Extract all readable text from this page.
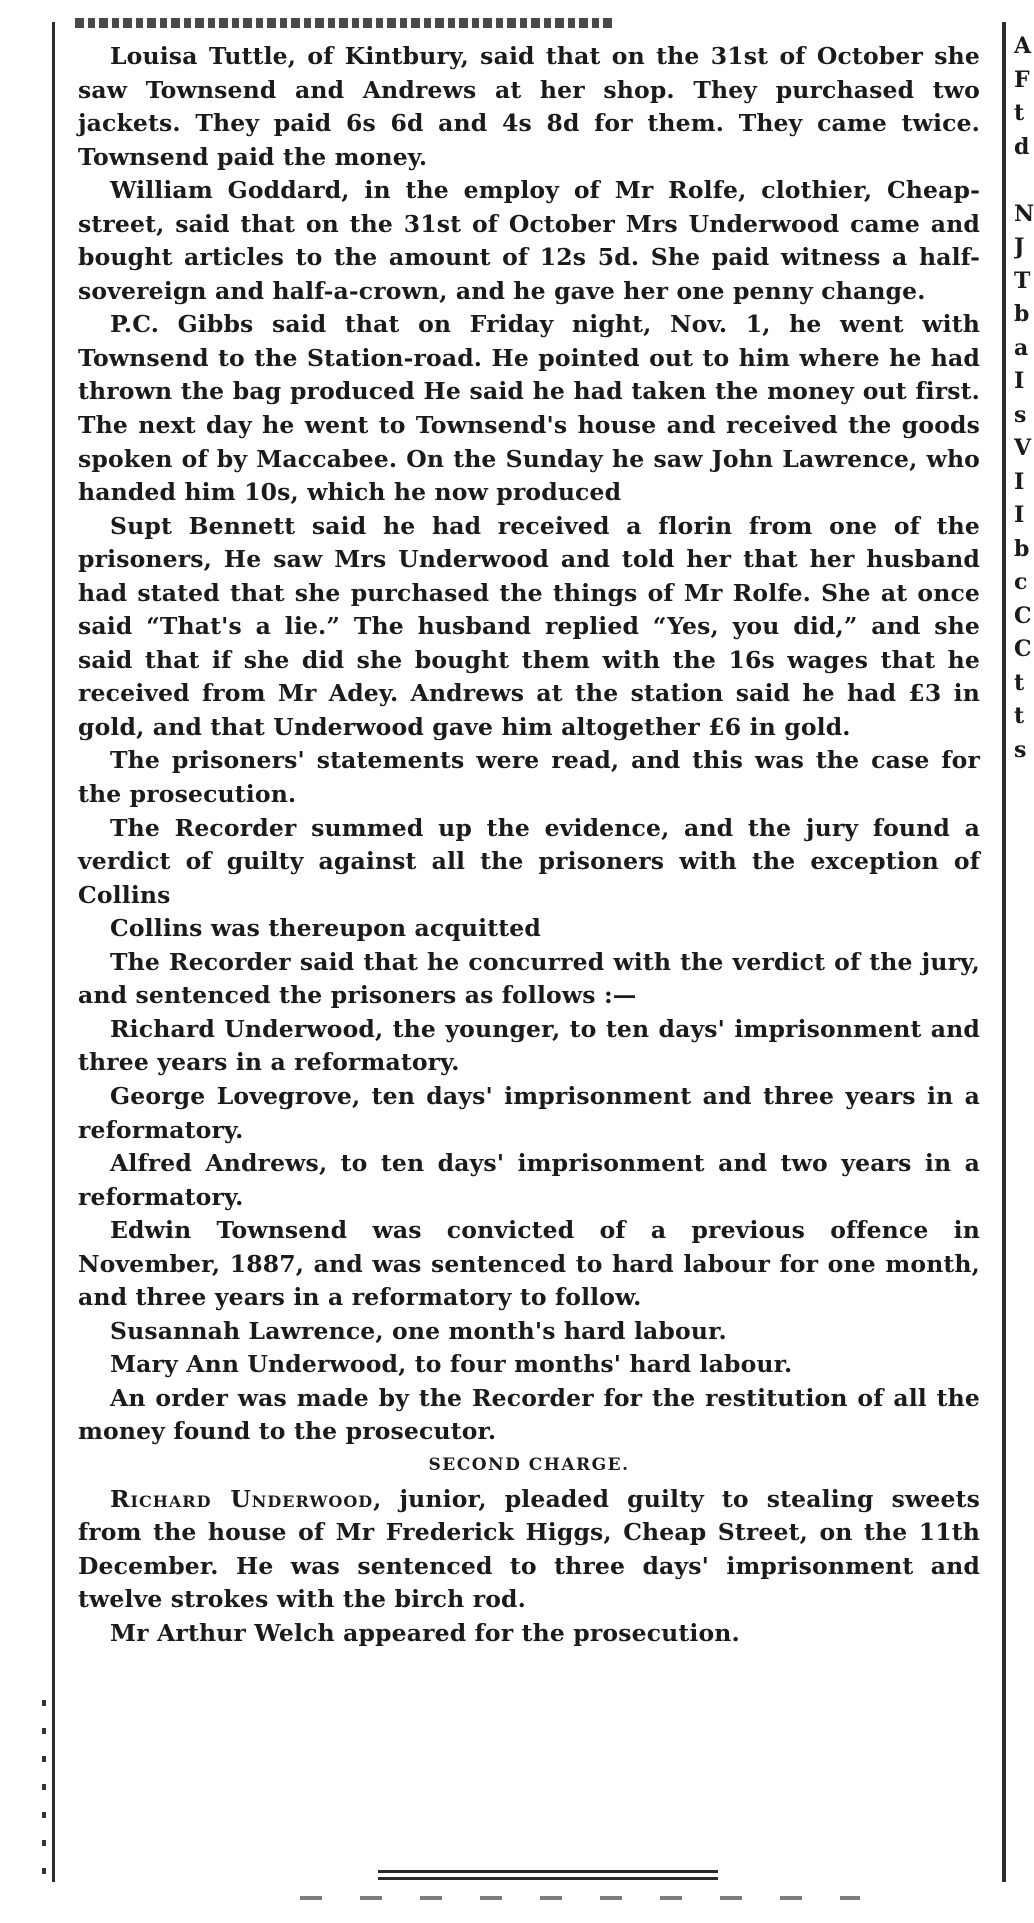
Louisa Tuttle, of Kintbury, said that on the 31st of October she saw Townsend and Andrews at her shop. They purchased two jackets. They paid 6s 6d and 4s 8d for them. They came twice. Townsend paid the money.

William Goddard, in the employ of Mr Rolfe, clothier, Cheap-street, said that on the 31st of October Mrs Underwood came and bought articles to the amount of 12s 5d. She paid witness a half-sovereign and half-a-crown, and he gave her one penny change.

P.C. Gibbs said that on Friday night, Nov. 1, he went with Townsend to the Station-road. He pointed out to him where he had thrown the bag produced He said he had taken the money out first. The next day he went to Townsend's house and received the goods spoken of by Maccabee. On the Sunday he saw John Lawrence, who handed him 10s, which he now produced

Supt Bennett said he had received a florin from one of the prisoners, He saw Mrs Underwood and told her that her husband had stated that she purchased the things of Mr Rolfe. She at once said “That's a lie.” The husband replied “Yes, you did,” and she said that if she did she bought them with the 16s wages that he received from Mr Adey. Andrews at the station said he had £3 in gold, and that Underwood gave him altogether £6 in gold.

The prisoners' statements were read, and this was the case for the prosecution.

The Recorder summed up the evidence, and the jury found a verdict of guilty against all the prisoners with the exception of Collins

Collins was thereupon acquitted

The Recorder said that he concurred with the verdict of the jury, and sentenced the prisoners as follows :—

Richard Underwood, the younger, to ten days' imprisonment and three years in a reformatory.

George Lovegrove, ten days' imprisonment and three years in a reformatory.

Alfred Andrews, to ten days' imprisonment and two years in a reformatory.

Edwin Townsend was convicted of a previous offence in November, 1887, and was sentenced to hard labour for one month, and three years in a reformatory to follow.

Susannah Lawrence, one month's hard labour.

Mary Ann Underwood, to four months' hard labour.

An order was made by the Recorder for the restitution of all the money found to the prosecutor.

SECOND CHARGE.

Richard Underwood, junior, pleaded guilty to stealing sweets from the house of Mr Frederick Higgs, Cheap Street, on the 11th December. He was sentenced to three days' imprisonment and twelve strokes with the birch rod.

Mr Arthur Welch appeared for the prosecution.

A
F
t
d

N
J
T
b
a
I
s
V
I
I
b
c
C
C
t
t
s
